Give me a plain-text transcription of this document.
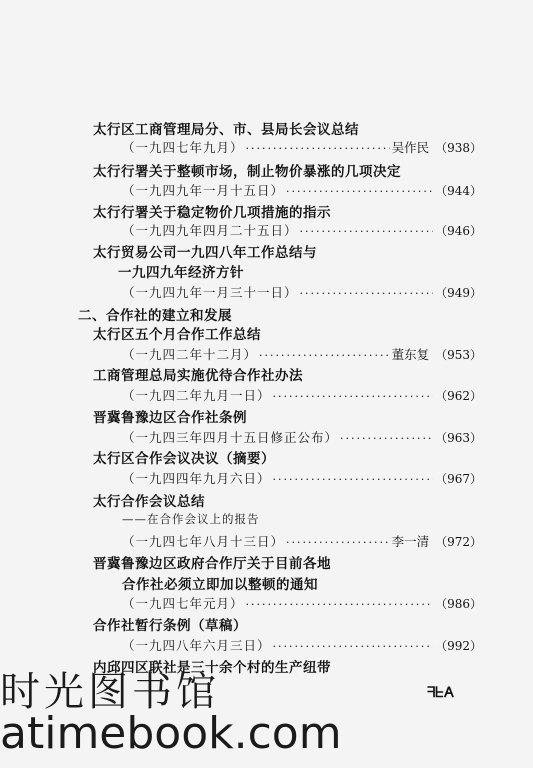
太行区工商管理局分、市、县局长会议总结
（一九四七年九月） ·····	吴作民 （938）
太行行署关于整顿市场，制止物价暴涨的几项决定
（一九四九年一月十五日） ·····	（944）
太行行署关于稳定物价几项措施的指示
（一九四九年四月二十五日） ·····	（946）
太行贸易公司一九四八年工作总结与
一九四九年经济方针
（一九四九年一月三十一日） ·····	（949）
二、合作社的建立和发展
太行区五个月合作工作总结
（一九四二年十二月） ·····	董东复 （953）
工商管理总局实施优待合作社办法
（一九四二年九月一日） ·····	（962）
晋冀鲁豫边区合作社条例
（一九四三年四月十五日修正公布） ·····	（963）
太行区合作会议决议（摘要）
（一九四四年九月六日） ·····	（967）
太行合作会议总结
——在合作会议上的报告
（一九四七年八月十三日） ·····	李一清 （972）
晋冀鲁豫边区政府合作厅关于目前各地
合作社必须立即加以整顿的通知
（一九四七年元月） ·····	（986）
合作社暂行条例（草稿）
（一九四八年六月三日） ·····	（992）
内邱四区联社是三十余个村的生产纽带
ᖷᖶ𐌀
时光图书馆
atimebook.com
